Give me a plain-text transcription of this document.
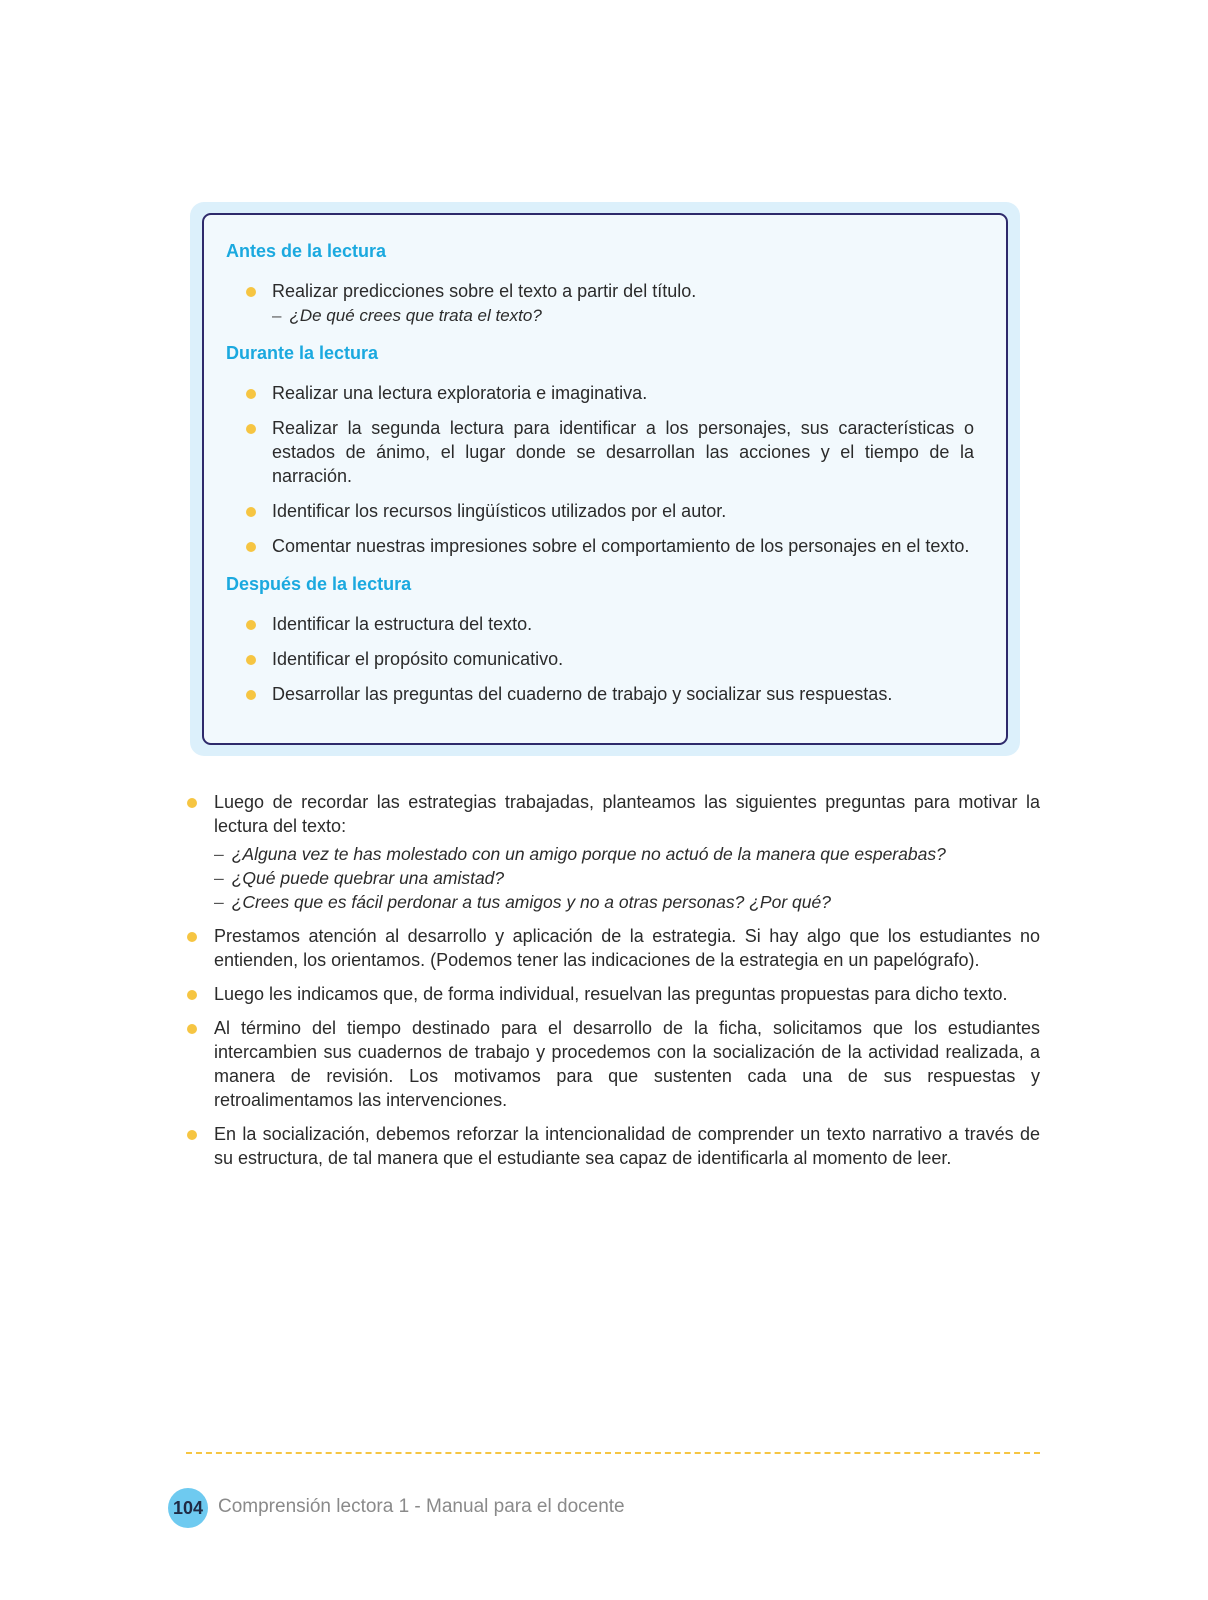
Antes de la lectura
Realizar predicciones sobre el texto a partir del título.
– ¿De qué crees que trata el texto?
Durante la lectura
Realizar una lectura exploratoria e imaginativa.
Realizar la segunda lectura para identificar a los personajes, sus características o estados de ánimo, el lugar donde se desarrollan las acciones y el tiempo de la narración.
Identificar los recursos lingüísticos utilizados por el autor.
Comentar nuestras impresiones sobre el comportamiento de los personajes en el texto.
Después de la lectura
Identificar la estructura del texto.
Identificar el propósito comunicativo.
Desarrollar las preguntas del cuaderno de trabajo y socializar sus respuestas.
Luego de recordar las estrategias trabajadas, planteamos las siguientes preguntas para motivar la lectura del texto:
– ¿Alguna vez te has molestado con un amigo porque no actuó de la manera que esperabas?
– ¿Qué puede quebrar una amistad?
– ¿Crees que es fácil perdonar a tus amigos y no a otras personas? ¿Por qué?
Prestamos atención al desarrollo y aplicación de la estrategia. Si hay algo que los estudiantes no entienden, los orientamos. (Podemos tener las indicaciones de la estrategia en un papelógrafo).
Luego les indicamos que, de forma individual, resuelvan las preguntas propuestas para dicho texto.
Al término del tiempo destinado para el desarrollo de la ficha, solicitamos que los estudiantes intercambien sus cuadernos de trabajo y procedemos con la socialización de la actividad realizada, a manera de revisión. Los motivamos para que sustenten cada una de sus respuestas y retroalimentamos las intervenciones.
En la socialización, debemos reforzar la intencionalidad de comprender un texto narrativo a través de su estructura, de tal manera que el estudiante sea capaz de identificarla al momento de leer.
104 Comprensión lectora 1 - Manual para el docente
